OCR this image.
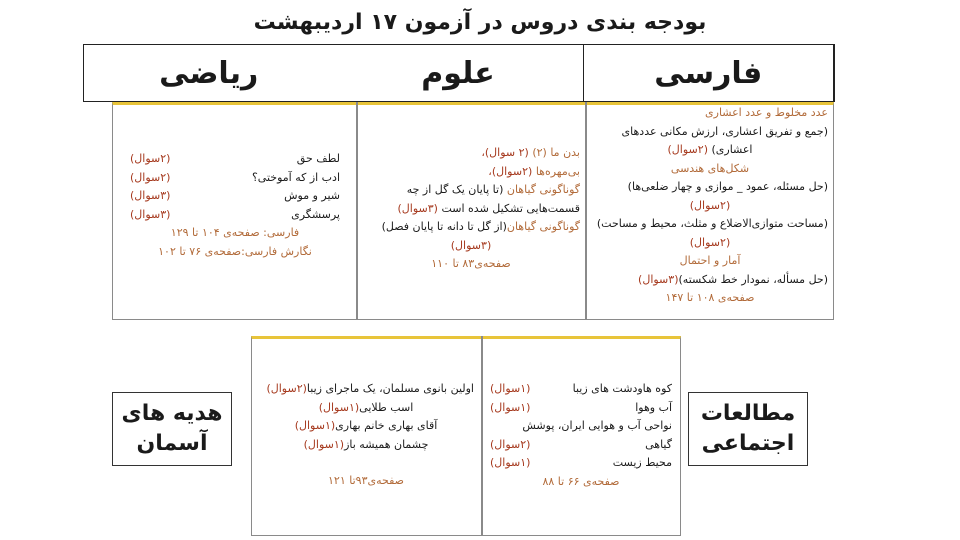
بودجه بندی دروس در آزمون ۱۷ اردیبهشت
ریاضی	علوم	فارسی
عدد مخلوط و عدد اعشاری
(جمع و تفریق اعشاری، ارزش مکانی عددهای
اعشاری) (۲سوال)
شکل‌های هندسی
(حل مسئله، عمود _ موازی و چهار ضلعی‌ها)
(۲سوال)
(مساحت متوازی‌الاضلاع و مثلث، محیط و مساحت)
(۲سوال)
آمار و احتمال
(حل مسأله، نمودار خط شکسته)(۳سوال)
صفحه‌ی ۱۰۸ تا ۱۴۷
بدن ما (۲) (۲ سوال)،
بی‌مهره‌ها (۲سوال)،
گوناگونی گیاهان (تا پایان یک گل از چه
قسمت‌هایی تشکیل شده است (۳سوال)
گوناگونی گیاهان(از گل تا دانه تا پایان فصل)
(۳سوال)
صفحه‌ی۸۳ تا ۱۱۰
لطف حق
(۲سوال)
ادب از که آموختی؟
(۲سوال)
شیر و موش
(۳سوال)
پرسشگری
(۳سوال)
فارسی: صفحه‌ی ۱۰۴ تا ۱۲۹
نگارش فارسی:صفحه‌ی ۷۶ تا ۱۰۲
کوه هاودشت های زیبا
(۱سوال)
آب وهوا
(۱سوال)
نواحی آب و هوایی ایران، پوشش
گیاهی
(۲سوال)
محیط زیست
(۱سوال)
صفحه‌ی ۶۶ تا ۸۸
اولین بانوی مسلمان، یک ماجرای زیبا(۲سوال)
اسب طلایی(۱سوال)
آقای بهاری خانم بهاری(۱سوال)
چشمان همیشه باز(۱سوال)
صفحه‌ی۹۳تا ۱۲۱
مطالعات
اجتماعی
هدیه های
آسمان
